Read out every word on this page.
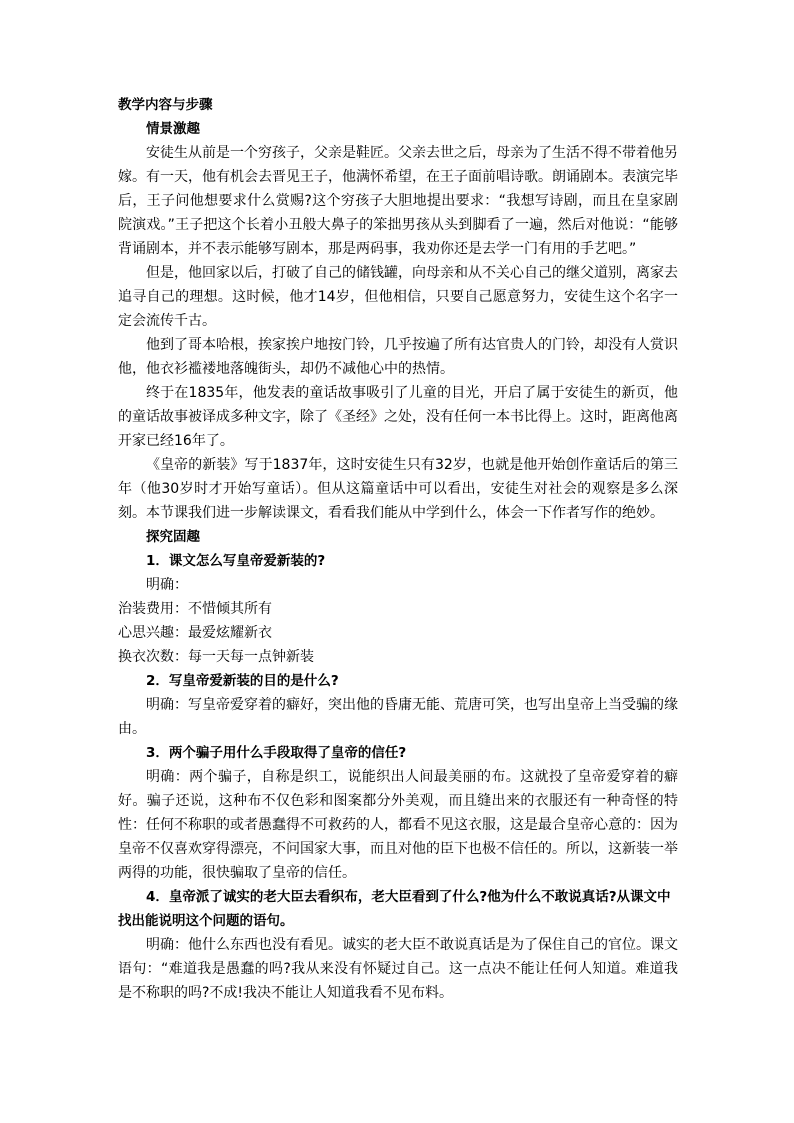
教学内容与步骤
情景激趣

安徒生从前是一个穷孩子，父亲是鞋匠。父亲去世之后，母亲为了生活不得不带着他另嫁。有一天，他有机会去晋见王子，他满怀希望，在王子面前唱诗歌。朗诵剧本。表演完毕后，王子问他想要求什么赏赐?这个穷孩子大胆地提出要求：“我想写诗剧，而且在皇家剧院演戏。”王子把这个长着小丑般大鼻子的笨拙男孩从头到脚看了一遍，然后对他说：“能够背诵剧本，并不表示能够写剧本，那是两码事，我劝你还是去学一门有用的手艺吧。”

但是，他回家以后，打破了自己的储钱罐，向母亲和从不关心自己的继父道别，离家去追寻自己的理想。这时候，他才14岁，但他相信，只要自己愿意努力，安徒生这个名字一定会流传千古。

他到了哥本哈根，挨家挨户地按门铃，几乎按遍了所有达官贵人的门铃，却没有人赏识他，他衣衫褴褛地落魄街头，却仍不减他心中的热情。

终于在1835年，他发表的童话故事吸引了儿童的目光，开启了属于安徒生的新页，他的童话故事被译成多种文字，除了《圣经》之处，没有任何一本书比得上。这时，距离他离开家已经16年了。

《皇帝的新装》写于1837年，这时安徒生只有32岁，也就是他开始创作童话后的第三年（他30岁时才开始写童话）。但从这篇童话中可以看出，安徒生对社会的观察是多么深刻。本节课我们进一步解读课文，看看我们能从中学到什么，体会一下作者写作的绝妙。

探究固趣
1．课文怎么写皇帝爱新装的?
明确：
治装费用：不惜倾其所有
心思兴趣：最爱炫耀新衣
换衣次数：每一天每一点钟新装
2．写皇帝爱新装的目的是什么?

明确：写皇帝爱穿着的癖好，突出他的昏庸无能、荒唐可笑，也写出皇帝上当受骗的缘由。

3．两个骗子用什么手段取得了皇帝的信任?

明确：两个骗子，自称是织工，说能织出人间最美丽的布。这就投了皇帝爱穿着的癖好。骗子还说，这种布不仅色彩和图案都分外美观，而且缝出来的衣服还有一种奇怪的特性：任何不称职的或者愚蠢得不可救药的人，都看不见这衣服，这是最合皇帝心意的：因为皇帝不仅喜欢穿得漂亮，不问国家大事，而且对他的臣下也极不信任的。所以，这新装一举两得的功能，很快骗取了皇帝的信任。

4．皇帝派了诚实的老大臣去看织布，老大臣看到了什么?他为什么不敢说真话?从课文中找出能说明这个问题的语句。

明确：他什么东西也没有看见。诚实的老大臣不敢说真话是为了保住自己的官位。课文语句：“难道我是愚蠢的吗?我从来没有怀疑过自己。这一点决不能让任何人知道。难道我是不称职的吗?不成!我决不能让人知道我看不见布料。
